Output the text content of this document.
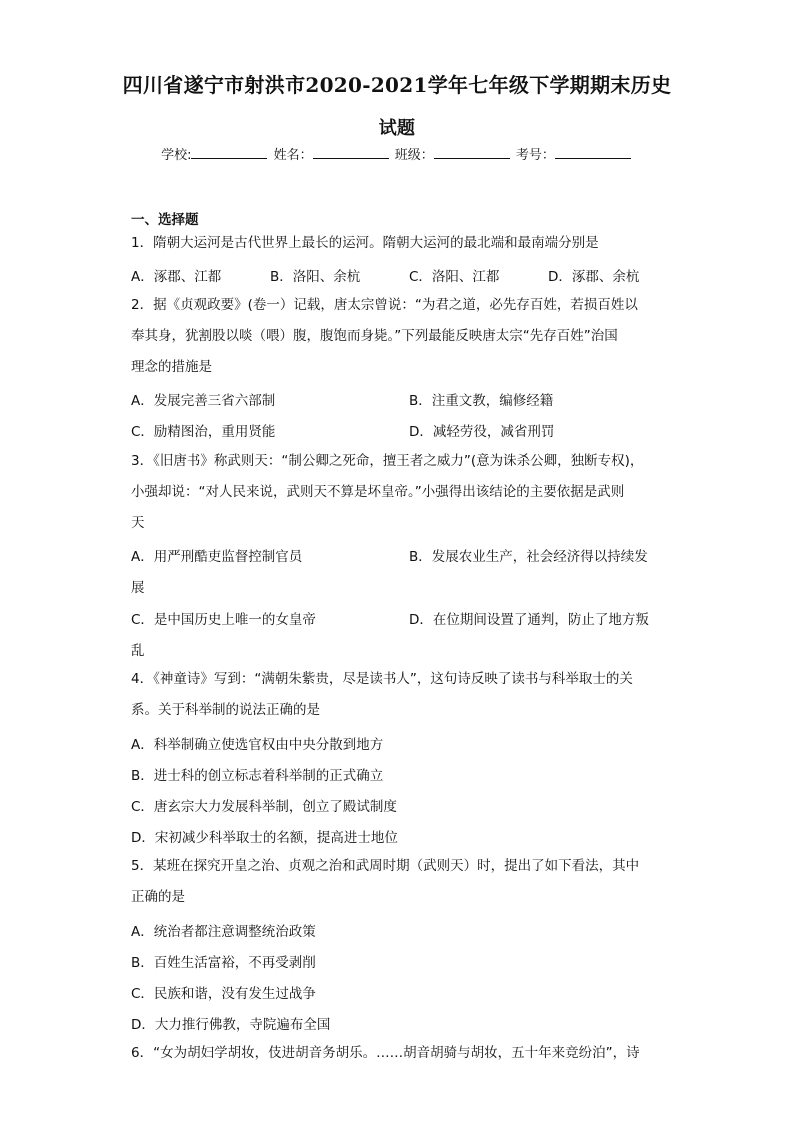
四川省遂宁市射洪市2020-2021学年七年级下学期期末历史
试题
学校:	姓名：	班级：	考号：
一、选择题
1．隋朝大运河是古代世界上最长的运河。隋朝大运河的最北端和最南端分别是
A．涿郡、江都	B．洛阳、余杭	C．洛阳、江都	D．涿郡、余杭
2．据《贞观政要》(卷一）记载，唐太宗曾说：“为君之道，必先存百姓，若损百姓以
奉其身，犹割股以啖（喂）腹，腹饱而身毙。”下列最能反映唐太宗“先存百姓”治国
理念的措施是
A．发展完善三省六部制	B．注重文教，编修经籍
C．励精图治，重用贤能	D．减轻劳役，减省刑罚
3．《旧唐书》称武则天：“制公卿之死命，擅王者之威力”(意为诛杀公卿，独断专权)，
小强却说：“对人民来说，武则天不算是坏皇帝。”小强得出该结论的主要依据是武则
天
A．用严刑酷吏监督控制官员	B．发展农业生产，社会经济得以持续发
展
C．是中国历史上唯一的女皇帝	D．在位期间设置了通判，防止了地方叛
乱
4．《神童诗》写到：“满朝朱紫贵，尽是读书人”，这句诗反映了读书与科举取士的关
系。关于科举制的说法正确的是
A．科举制确立使选官权由中央分散到地方
B．进士科的创立标志着科举制的正式确立
C．唐玄宗大力发展科举制，创立了殿试制度
D．宋初减少科举取士的名额，提高进士地位
5．某班在探究开皇之治、贞观之治和武周时期（武则天）时，提出了如下看法，其中
正确的是
A．统治者都注意调整统治政策
B．百姓生活富裕，不再受剥削
C．民族和谐，没有发生过战争
D．大力推行佛教，寺院遍布全国
6．“女为胡妇学胡妆，伎进胡音务胡乐。……胡音胡骑与胡妆，五十年来竞纷泊”，诗
